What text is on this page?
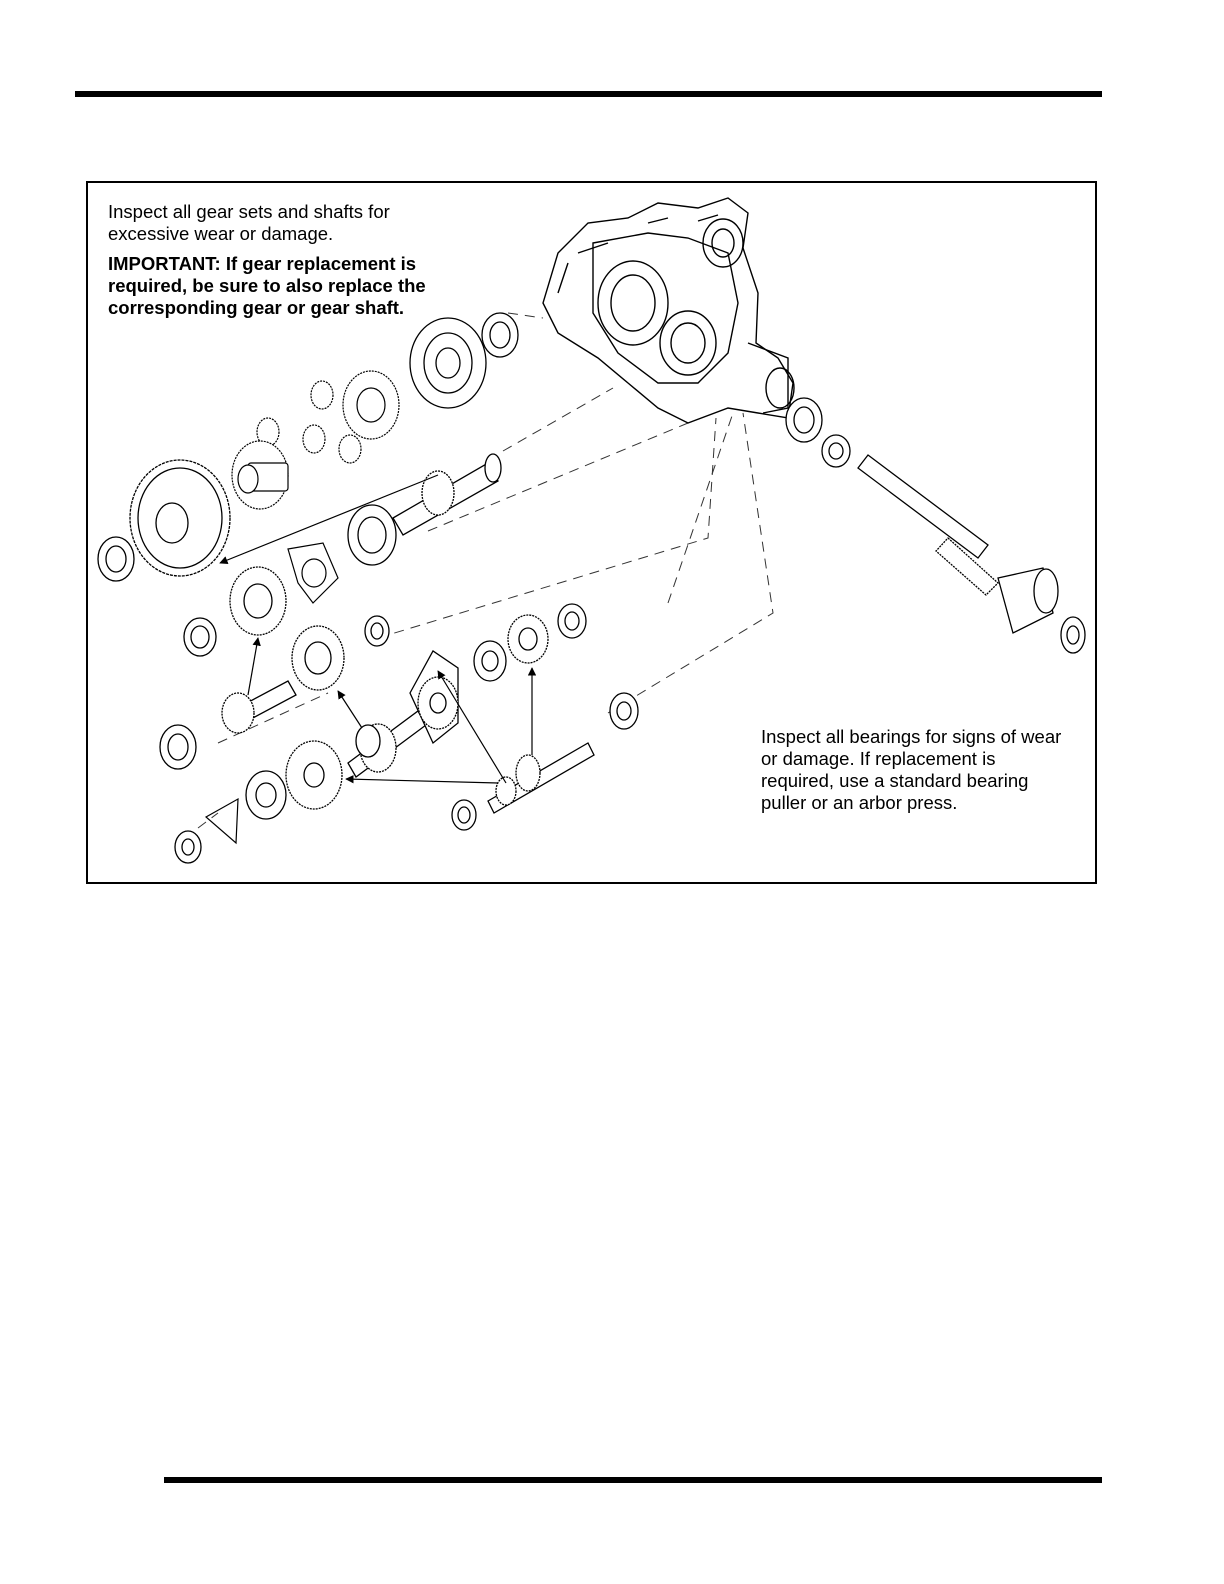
Inspect all gear sets and shafts for excessive wear or damage.

IMPORTANT: If gear replacement is required, be sure to also replace the corresponding gear or gear shaft.

Inspect all bearings for signs of wear or damage. If replacement is required, use a standard bearing puller or an arbor press.
